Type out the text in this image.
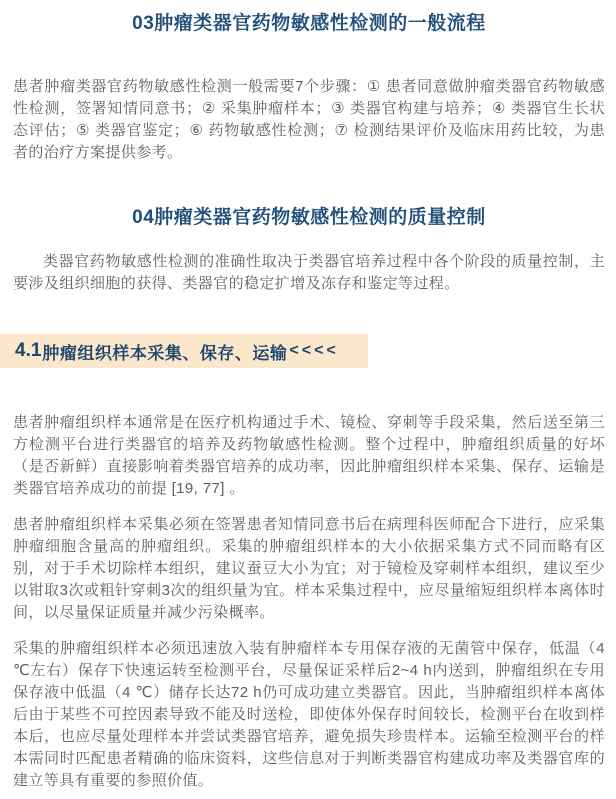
03肿瘤类器官药物敏感性检测的一般流程

患者肿瘤类器官药物敏感性检测一般需要7个步骤：① 患者同意做肿瘤类器官药物敏感性检测，签署知情同意书；② 采集肿瘤样本；③ 类器官构建与培养；④ 类器官生长状态评估；⑤ 类器官鉴定；⑥ 药物敏感性检测；⑦ 检测结果评价及临床用药比较，为患者的治疗方案提供参考。

04肿瘤类器官药物敏感性检测的质量控制

类器官药物敏感性检测的准确性取决于类器官培养过程中各个阶段的质量控制，主要涉及组织细胞的获得、类器官的稳定扩增及冻存和鉴定等过程。

4.1 肿瘤组织样本采集、保存、运输 <<<<

患者肿瘤组织样本通常是在医疗机构通过手术、镜检、穿刺等手段采集，然后送至第三方检测平台进行类器官的培养及药物敏感性检测。整个过程中，肿瘤组织质量的好坏（是否新鲜）直接影响着类器官培养的成功率，因此肿瘤组织样本采集、保存、运输是类器官培养成功的前提 [19, 77] 。

患者肿瘤组织样本采集必须在签署患者知情同意书后在病理科医师配合下进行，应采集肿瘤细胞含量高的肿瘤组织。采集的肿瘤组织样本的大小依据采集方式不同而略有区别，对于手术切除样本组织，建议蚕豆大小为宜；对于镜检及穿刺样本组织，建议至少以钳取3次或粗针穿刺3次的组织量为宜。样本采集过程中，应尽量缩短组织样本离体时间，以尽量保证质量并减少污染概率。

采集的肿瘤组织样本必须迅速放入装有肿瘤样本专用保存液的无菌管中保存，低温（4 ℃左右）保存下快速运转至检测平台，尽量保证采样后2~4 h内送到，肿瘤组织在专用保存液中低温（4 ℃）储存长达72 h仍可成功建立类器官。因此，当肿瘤组织样本离体后由于某些不可控因素导致不能及时送检，即使体外保存时间较长，检测平台在收到样本后，也应尽量处理样本并尝试类器官培养，避免损失珍贵样本。运输至检测平台的样本需同时匹配患者精确的临床资料，这些信息对于判断类器官构建成功率及类器官库的建立等具有重要的参照价值。
